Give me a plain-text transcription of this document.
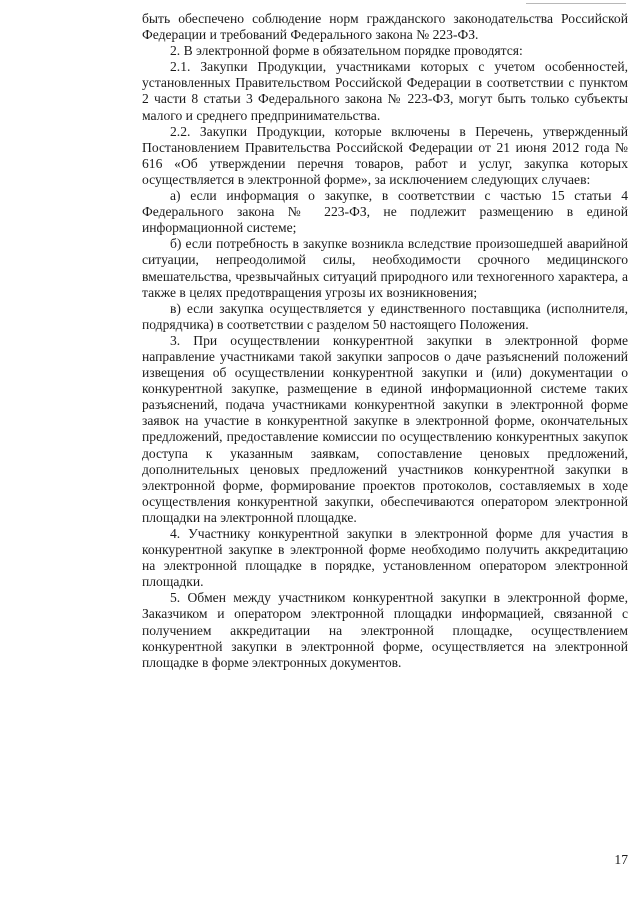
быть обеспечено соблюдение норм гражданского законодательства Российской Федерации и требований Федерального закона № 223-ФЗ.

2. В электронной форме в обязательном порядке проводятся:

2.1. Закупки Продукции, участниками которых с учетом особенностей, установленных Правительством Российской Федерации в соответствии с пунктом 2 части 8 статьи 3 Федерального закона № 223-ФЗ, могут быть только субъекты малого и среднего предпринимательства.

2.2. Закупки Продукции, которые включены в Перечень, утвержденный Постановлением Правительства Российской Федерации от 21 июня 2012 года № 616 «Об утверждении перечня товаров, работ и услуг, закупка которых осуществляется в электронной форме», за исключением следующих случаев:

а) если информация о закупке, в соответствии с частью 15 статьи 4 Федерального закона № 223-ФЗ, не подлежит размещению в единой информационной системе;

б) если потребность в закупке возникла вследствие произошедшей аварийной ситуации, непреодолимой силы, необходимости срочного медицинского вмешательства, чрезвычайных ситуаций природного или техногенного характера, а также в целях предотвращения угрозы их возникновения;

в) если закупка осуществляется у единственного поставщика (исполнителя, подрядчика) в соответствии с разделом 50 настоящего Положения.

3. При осуществлении конкурентной закупки в электронной форме направление участниками такой закупки запросов о даче разъяснений положений извещения об осуществлении конкурентной закупки и (или) документации о конкурентной закупке, размещение в единой информационной системе таких разъяснений, подача участниками конкурентной закупки в электронной форме заявок на участие в конкурентной закупке в электронной форме, окончательных предложений, предоставление комиссии по осуществлению конкурентных закупок доступа к указанным заявкам, сопоставление ценовых предложений, дополнительных ценовых предложений участников конкурентной закупки в электронной форме, формирование проектов протоколов, составляемых в ходе осуществления конкурентной закупки, обеспечиваются оператором электронной площадки на электронной площадке.

4. Участнику конкурентной закупки в электронной форме для участия в конкурентной закупке в электронной форме необходимо получить аккредитацию на электронной площадке в порядке, установленном оператором электронной площадки.

5. Обмен между участником конкурентной закупки в электронной форме, Заказчиком и оператором электронной площадки информацией, связанной с получением аккредитации на электронной площадке, осуществлением конкурентной закупки в электронной форме, осуществляется на электронной площадке в форме электронных документов.

17
